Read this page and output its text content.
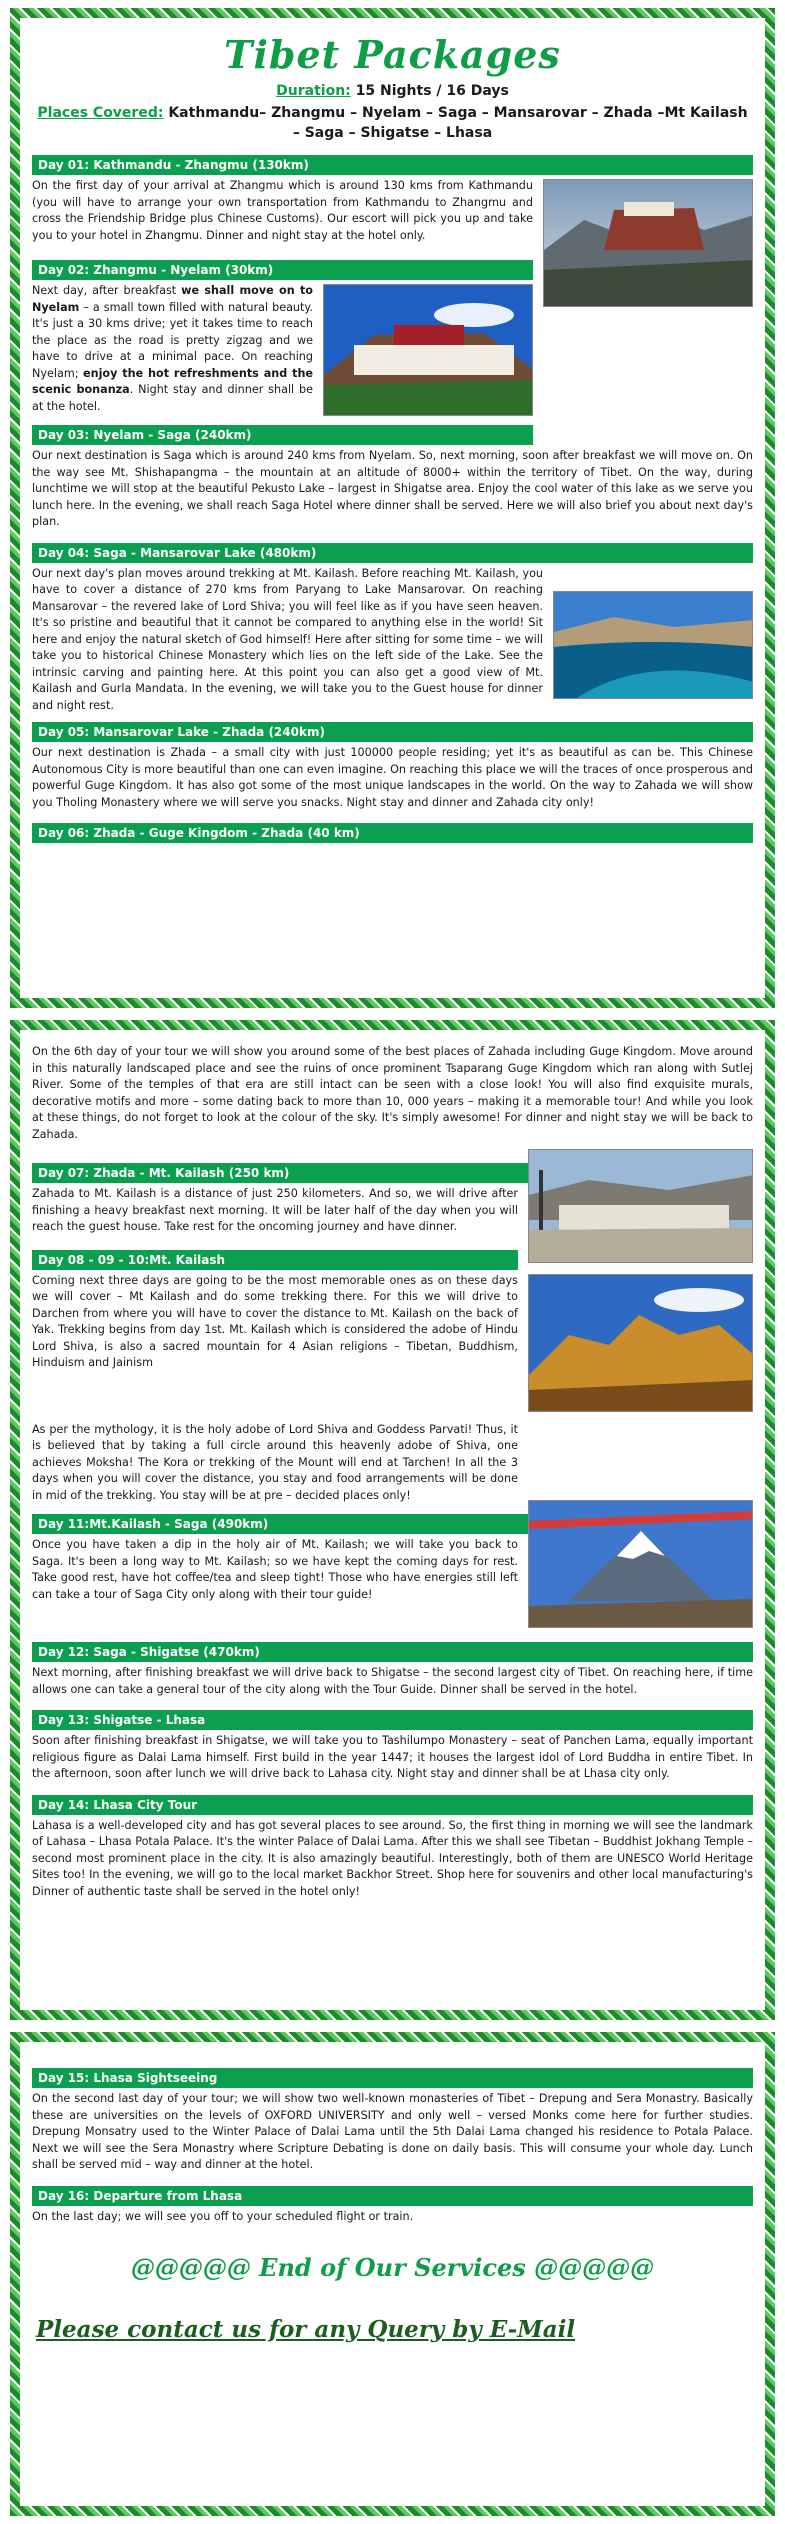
Tibet Packages
Duration: 15 Nights / 16 Days
Places Covered: Kathmandu– Zhangmu – Nyelam – Saga – Mansarovar – Zhada –Mt Kailash – Saga – Shigatse – Lhasa
Day 01: Kathmandu - Zhangmu (130km)

On the first day of your arrival at Zhangmu which is around 130 kms from Kathmandu (you will have to arrange your own transportation from Kathmandu to Zhangmu and cross the Friendship Bridge plus Chinese Customs). Our escort will pick you up and take you to your hotel in Zhangmu. Dinner and night stay at the hotel only.

Day 02: Zhangmu - Nyelam (30km)

Next day, after breakfast we shall move on to Nyelam – a small town filled with natural beauty. It's just a 30 kms drive; yet it takes time to reach the place as the road is pretty zigzag and we have to drive at a minimal pace. On reaching Nyelam; enjoy the hot refreshments and the scenic bonanza. Night stay and dinner shall be at the hotel.

Day 03: Nyelam - Saga (240km)

Our next destination is Saga which is around 240 kms from Nyelam. So, next morning, soon after breakfast we will move on. On the way see Mt. Shishapangma – the mountain at an altitude of 8000+ within the territory of Tibet. On the way, during lunchtime we will stop at the beautiful Pekusto Lake – largest in Shigatse area. Enjoy the cool water of this lake as we serve you lunch here. In the evening, we shall reach Saga Hotel where dinner shall be served. Here we will also brief you about next day's plan.

Day 04: Saga - Mansarovar Lake (480km)

Our next day's plan moves around trekking at Mt. Kailash. Before reaching Mt. Kailash, you have to cover a distance of 270 kms from Paryang to Lake Mansarovar. On reaching Mansarovar – the revered lake of Lord Shiva; you will feel like as if you have seen heaven. It's so pristine and beautiful that it cannot be compared to anything else in the world! Sit here and enjoy the natural sketch of God himself! Here after sitting for some time – we will take you to historical Chinese Monastery which lies on the left side of the Lake. See the intrinsic carving and painting here. At this point you can also get a good view of Mt. Kailash and Gurla Mandata. In the evening, we will take you to the Guest house for dinner and night rest.

Day 05: Mansarovar Lake - Zhada (240km)

Our next destination is Zhada – a small city with just 100000 people residing; yet it's as beautiful as can be. This Chinese Autonomous City is more beautiful than one can even imagine. On reaching this place we will the traces of once prosperous and powerful Guge Kingdom. It has also got some of the most unique landscapes in the world. On the way to Zahada we will show you Tholing Monastery where we will serve you snacks. Night stay and dinner and Zahada city only!

Day 06: Zhada - Guge Kingdom - Zhada (40 km)

On the 6th day of your tour we will show you around some of the best places of Zahada including Guge Kingdom. Move around in this naturally landscaped place and see the ruins of once prominent Tsaparang Guge Kingdom which ran along with Sutlej River. Some of the temples of that era are still intact can be seen with a close look! You will also find exquisite murals, decorative motifs and more – some dating back to more than 10, 000 years – making it a memorable tour! And while you look at these things, do not forget to look at the colour of the sky. It's simply awesome! For dinner and night stay we will be back to Zahada.

Day 07: Zhada - Mt. Kailash (250 km)

Zahada to Mt. Kailash is a distance of just 250 kilometers. And so, we will drive after finishing a heavy breakfast next morning. It will be later half of the day when you will reach the guest house. Take rest for the oncoming journey and have dinner.

Day 08 - 09 - 10:Mt. Kailash

Coming next three days are going to be the most memorable ones as on these days we will cover – Mt Kailash and do some trekking there. For this we will drive to Darchen from where you will have to cover the distance to Mt. Kailash on the back of Yak. Trekking begins from day 1st. Mt. Kailash which is considered the adobe of Hindu Lord Shiva, is also a sacred mountain for 4 Asian religions – Tibetan, Buddhism, Hinduism and Jainism

As per the mythology, it is the holy adobe of Lord Shiva and Goddess Parvati! Thus, it is believed that by taking a full circle around this heavenly adobe of Shiva, one achieves Moksha! The Kora or trekking of the Mount will end at Tarchen! In all the 3 days when you will cover the distance, you stay and food arrangements will be done in mid of the trekking. You stay will be at pre – decided places only!

Day 11:Mt.Kailash - Saga (490km)

Once you have taken a dip in the holy air of Mt. Kailash; we will take you back to Saga. It's been a long way to Mt. Kailash; so we have kept the coming days for rest. Take good rest, have hot coffee/tea and sleep tight! Those who have energies still left can take a tour of Saga City only along with their tour guide!

Day 12: Saga - Shigatse (470km)

Next morning, after finishing breakfast we will drive back to Shigatse – the second largest city of Tibet. On reaching here, if time allows one can take a general tour of the city along with the Tour Guide. Dinner shall be served in the hotel.

Day 13: Shigatse - Lhasa

Soon after finishing breakfast in Shigatse, we will take you to Tashilumpo Monastery – seat of Panchen Lama, equally important religious figure as Dalai Lama himself. First build in the year 1447; it houses the largest idol of Lord Buddha in entire Tibet. In the afternoon, soon after lunch we will drive back to Lahasa city. Night stay and dinner shall be at Lhasa city only.

Day 14: Lhasa City Tour

Lahasa is a well-developed city and has got several places to see around. So, the first thing in morning we will see the landmark of Lahasa – Lhasa Potala Palace. It's the winter Palace of Dalai Lama. After this we shall see Tibetan – Buddhist Jokhang Temple – second most prominent place in the city. It is also amazingly beautiful. Interestingly, both of them are UNESCO World Heritage Sites too! In the evening, we will go to the local market Backhor Street. Shop here for souvenirs and other local manufacturing's Dinner of authentic taste shall be served in the hotel only!

Day 15: Lhasa Sightseeing

On the second last day of your tour; we will show two well-known monasteries of Tibet – Drepung and Sera Monastry. Basically these are universities on the levels of OXFORD UNIVERSITY and only well – versed Monks come here for further studies. Drepung Monsatry used to the Winter Palace of Dalai Lama until the 5th Dalai Lama changed his residence to Potala Palace. Next we will see the Sera Monastry where Scripture Debating is done on daily basis. This will consume your whole day. Lunch shall be served mid – way and dinner at the hotel.

Day 16: Departure from Lhasa

On the last day; we will see you off to your scheduled flight or train.

@@@@@ End of Our Services @@@@@
Please contact us for any Query by E-Mail
